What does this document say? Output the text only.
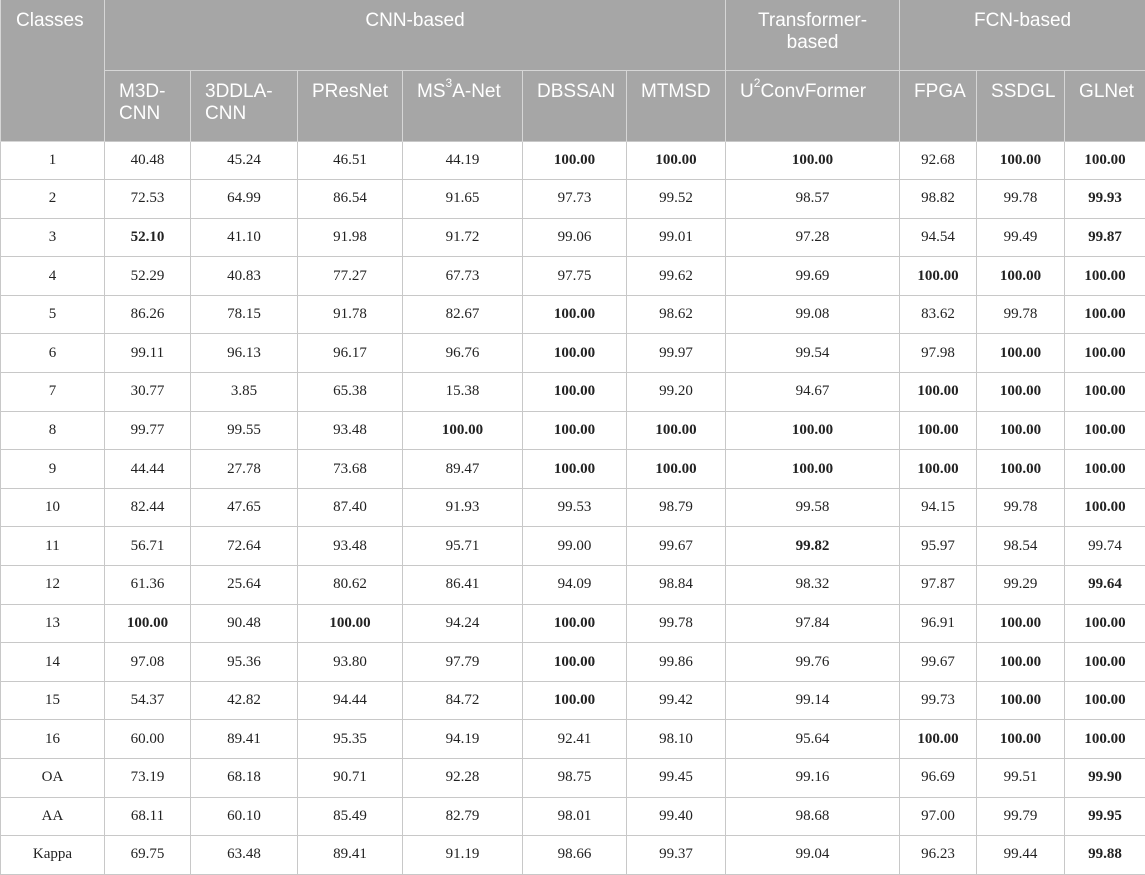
Classes	CNN-based						Transformer-based	FCN-based		
	M3D-CNN	3DDLA-CNN	PResNet	$MS^3A$-Net	DBSSAN	MTMSD	$U^2ConvFormer$	FPGA	SSDGL	GLNet
1	40.48	45.24	46.51	44.19	100.00	100.00	100.00	92.68	100.00	100.00
2	72.53	64.99	86.54	91.65	97.73	99.52	98.57	98.82	99.78	99.93
3	52.10	41.10	91.98	91.72	99.06	99.01	97.28	94.54	99.49	99.87
4	52.29	40.83	77.27	67.73	97.75	99.62	99.69	100.00	100.00	100.00
5	86.26	78.15	91.78	82.67	100.00	98.62	99.08	83.62	99.78	100.00
6	99.11	96.13	96.17	96.76	100.00	99.97	99.54	97.98	100.00	100.00
7	30.77	3.85	65.38	15.38	100.00	99.20	94.67	100.00	100.00	100.00
8	99.77	99.55	93.48	100.00	100.00	100.00	100.00	100.00	100.00	100.00
9	44.44	27.78	73.68	89.47	100.00	100.00	100.00	100.00	100.00	100.00
10	82.44	47.65	87.40	91.93	99.53	98.79	99.58	94.15	99.78	100.00
11	56.71	72.64	93.48	95.71	99.00	99.67	99.82	95.97	98.54	99.74
12	61.36	25.64	80.62	86.41	94.09	98.84	98.32	97.87	99.29	99.64
13	100.00	90.48	100.00	94.24	100.00	99.78	97.84	96.91	100.00	100.00
14	97.08	95.36	93.80	97.79	100.00	99.86	99.76	99.67	100.00	100.00
15	54.37	42.82	94.44	84.72	100.00	99.42	99.14	99.73	100.00	100.00
16	60.00	89.41	95.35	94.19	92.41	98.10	95.64	100.00	100.00	100.00
OA	73.19	68.18	90.71	92.28	98.75	99.45	99.16	96.69	99.51	99.90
AA	68.11	60.10	85.49	82.79	98.01	99.40	98.68	97.00	99.79	99.95
Kappa	69.75	63.48	89.41	91.19	98.66	99.37	99.04	96.23	99.44	99.88
